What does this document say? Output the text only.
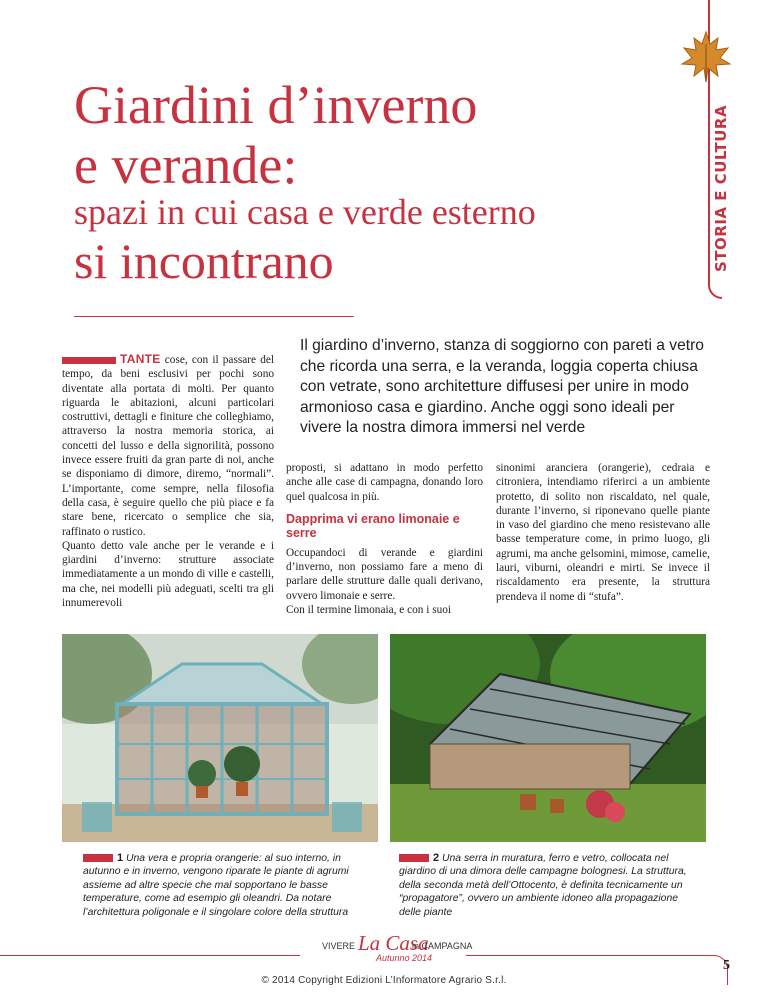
STORIA E CULTURA
Giardini d’inverno
e verande:
spazi in cui casa e verde esterno
si incontrano
Il giardino d’inverno, stanza di soggiorno con pareti a vetro che ricorda una serra, e la veranda, loggia coperta chiusa con vetrate, sono architetture diffusesi per unire in modo armonioso casa e giardino. Anche oggi sono ideali per vivere la nostra dimora immersi nel verde
TANTE cose, con il passare del tempo, da beni esclusivi per pochi sono diventate alla portata di molti. Per quanto riguarda le abitazioni, alcuni particolari costruttivi, dettagli e finiture che colleghiamo, attraverso la nostra memoria storica, ai concetti del lusso e della signorilità, possono invece essere fruiti da gran parte di noi, anche se disponiamo di dimore, diremo, “normali”. L’importante, come sempre, nella filosofia della casa, è seguire quello che più piace e fa stare bene, ricercato o semplice che sia, raffinato o rustico.
Quanto detto vale anche per le verande e i giardini d’inverno: strutture associate immediatamente a un mondo di ville e castelli, ma che, nei modelli più adeguati, scelti tra gli innumerevoli
proposti, si adattano in modo perfetto anche alle case di campagna, donando loro quel qualcosa in più.
Dapprima vi erano limonaie e serre
Occupandoci di verande e giardini d’inverno, non possiamo fare a meno di parlare delle strutture dalle quali derivano, ovvero limonaie e serre.
Con il termine limonaia, e con i suoi
sinonimi aranciera (orangerie), cedraia e citroniera, intendiamo riferirci a un ambiente protetto, di solito non riscaldato, nel quale, durante l’inverno, si riponevano quelle piante in vaso del giardino che meno resistevano alle basse temperature come, in primo luogo, gli agrumi, ma anche gelsomini, mimose, camelie, lauri, viburni, oleandri e mirti. Se invece il riscaldamento era presente, la struttura prendeva il nome di “stufa”.
1 Una vera e propria orangerie: al suo interno, in autunno e in inverno, vengono riparate le piante di agrumi assieme ad altre specie che mal sopportano le basse temperature, come ad esempio gli oleandri. Da notare l’architettura poligonale e il singolare colore della struttura
2 Una serra in muratura, ferro e vetro, collocata nel giardino di una dimora delle campagne bolognesi. La struttura, della seconda metà dell’Ottocento, è definita tecnicamente un “propagatore”, ovvero un ambiente idoneo alla propagazione delle piante
VIVERE La Casa
in CAMPAGNA
Autunno 2014
© 2014 Copyright Edizioni L’Informatore Agrario S.r.l.
5
